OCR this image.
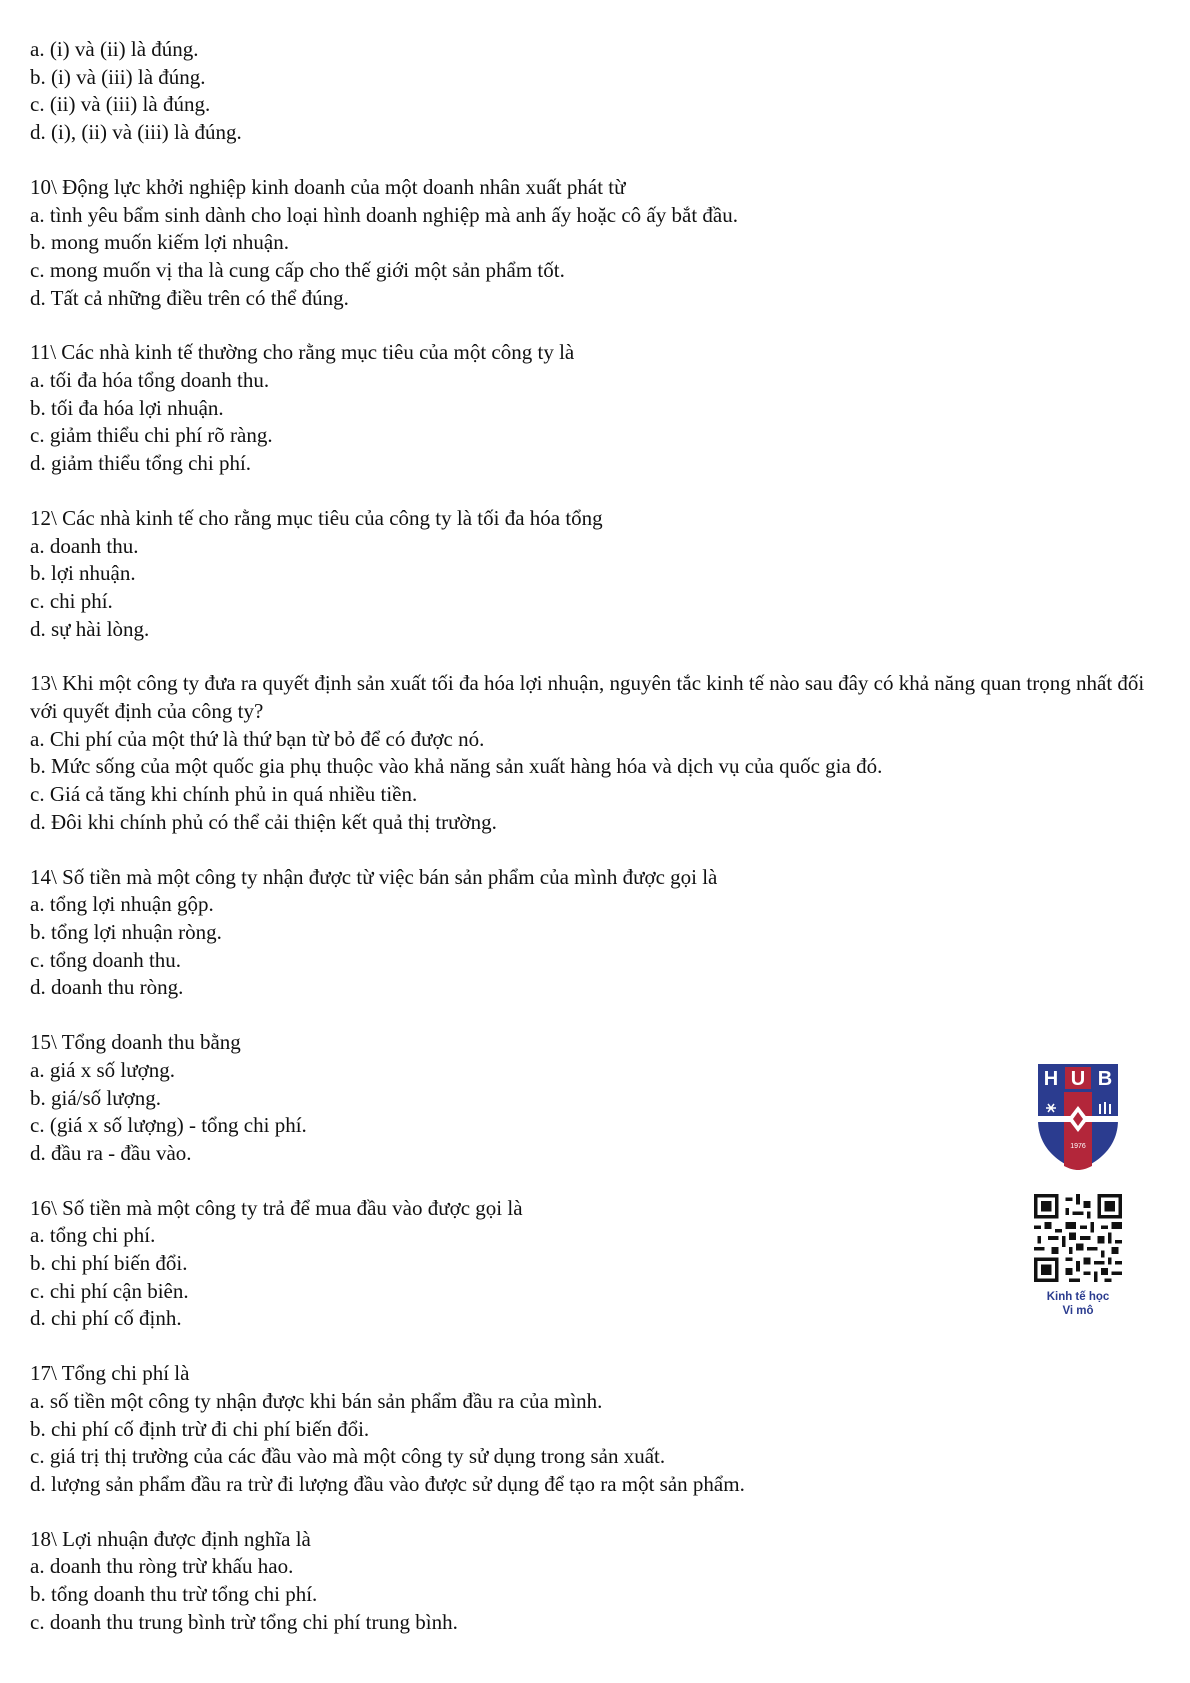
a. (i) và (ii) là đúng.
b. (i) và (iii) là đúng.
c. (ii) và (iii) là đúng.
d. (i), (ii) và (iii) là đúng.
10\ Động lực khởi nghiệp kinh doanh của một doanh nhân xuất phát từ
a. tình yêu bẩm sinh dành cho loại hình doanh nghiệp mà anh ấy hoặc cô ấy bắt đầu.
b. mong muốn kiếm lợi nhuận.
c. mong muốn vị tha là cung cấp cho thế giới một sản phẩm tốt.
d. Tất cả những điều trên có thể đúng.
11\ Các nhà kinh tế thường cho rằng mục tiêu của một công ty là
a. tối đa hóa tổng doanh thu.
b. tối đa hóa lợi nhuận.
c. giảm thiểu chi phí rõ ràng.
d. giảm thiểu tổng chi phí.
12\ Các nhà kinh tế cho rằng mục tiêu của công ty là tối đa hóa tổng
a. doanh thu.
b. lợi nhuận.
c. chi phí.
d. sự hài lòng.
13\ Khi một công ty đưa ra quyết định sản xuất tối đa hóa lợi nhuận, nguyên tắc kinh tế nào sau đây có khả năng quan trọng nhất đối với quyết định của công ty?
a. Chi phí của một thứ là thứ bạn từ bỏ để có được nó.
b. Mức sống của một quốc gia phụ thuộc vào khả năng sản xuất hàng hóa và dịch vụ của quốc gia đó.
c. Giá cả tăng khi chính phủ in quá nhiều tiền.
d. Đôi khi chính phủ có thể cải thiện kết quả thị trường.
14\ Số tiền mà một công ty nhận được từ việc bán sản phẩm của mình được gọi là
a. tổng lợi nhuận gộp.
b. tổng lợi nhuận ròng.
c. tổng doanh thu.
d. doanh thu ròng.
15\ Tổng doanh thu bằng
a. giá x số lượng.
b. giá/số lượng.
c. (giá x số lượng) - tổng chi phí.
d. đầu ra - đầu vào.
16\ Số tiền mà một công ty trả để mua đầu vào được gọi là
a. tổng chi phí.
b. chi phí biến đổi.
c. chi phí cận biên.
d. chi phí cố định.
17\ Tổng chi phí là
a. số tiền một công ty nhận được khi bán sản phẩm đầu ra của mình.
b. chi phí cố định trừ đi chi phí biến đổi.
c. giá trị thị trường của các đầu vào mà một công ty sử dụng trong sản xuất.
d. lượng sản phẩm đầu ra trừ đi lượng đầu vào được sử dụng để tạo ra một sản phẩm.
18\ Lợi nhuận được định nghĩa là
a. doanh thu ròng trừ khấu hao.
b. tổng doanh thu trừ tổng chi phí.
c. doanh thu trung bình trừ tổng chi phí trung bình.
H U B
1976
Kinh tế học
Vi mô
